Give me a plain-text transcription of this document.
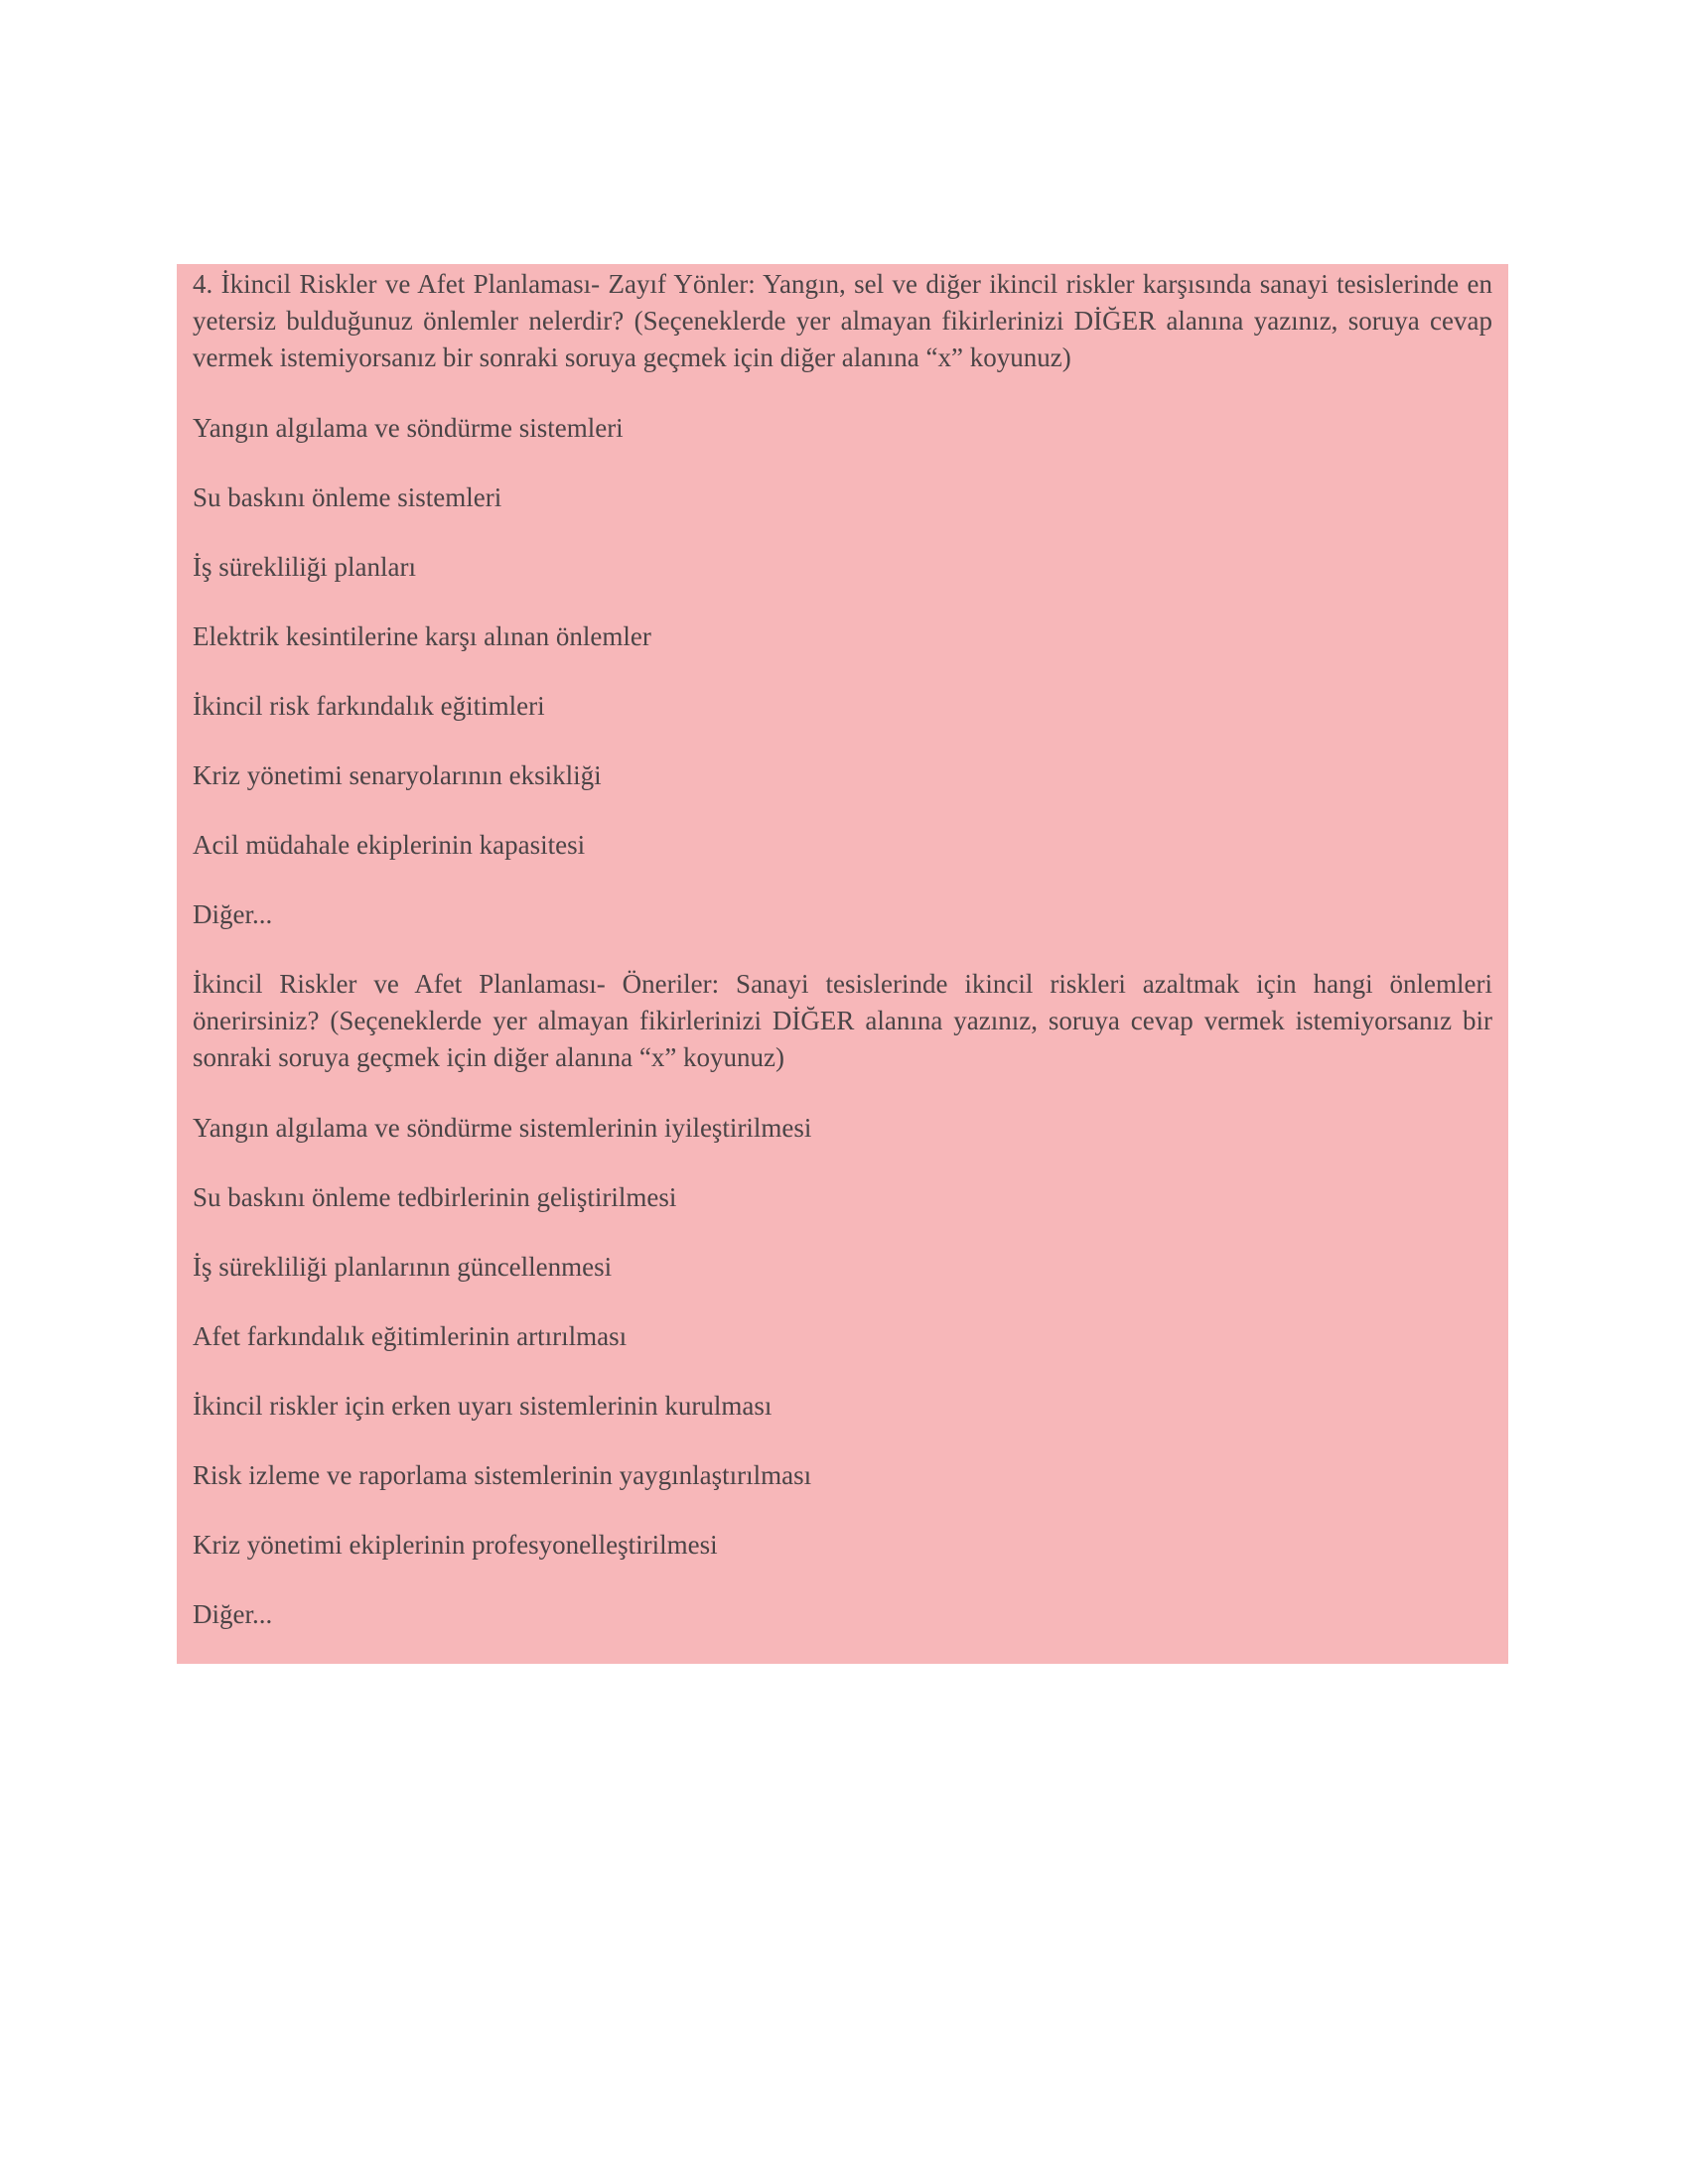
4. İkincil Riskler ve Afet Planlaması- Zayıf Yönler: Yangın, sel ve diğer ikincil riskler karşısında sanayi tesislerinde en yetersiz bulduğunuz önlemler nelerdir? (Seçeneklerde yer almayan fikirlerinizi DİĞER alanına yazınız, soruya cevap vermek istemiyorsanız bir sonraki soruya geçmek için diğer alanına “x” koyunuz)

Yangın algılama ve söndürme sistemleri

Su baskını önleme sistemleri

İş sürekliliği planları

Elektrik kesintilerine karşı alınan önlemler

İkincil risk farkındalık eğitimleri

Kriz yönetimi senaryolarının eksikliği

Acil müdahale ekiplerinin kapasitesi

Diğer...

İkincil Riskler ve Afet Planlaması- Öneriler: Sanayi tesislerinde ikincil riskleri azaltmak için hangi önlemleri önerirsiniz? (Seçeneklerde yer almayan fikirlerinizi DİĞER alanına yazınız, soruya cevap vermek istemiyorsanız bir sonraki soruya geçmek için diğer alanına “x” koyunuz)

Yangın algılama ve söndürme sistemlerinin iyileştirilmesi

Su baskını önleme tedbirlerinin geliştirilmesi

İş sürekliliği planlarının güncellenmesi

Afet farkındalık eğitimlerinin artırılması

İkincil riskler için erken uyarı sistemlerinin kurulması

Risk izleme ve raporlama sistemlerinin yaygınlaştırılması

Kriz yönetimi ekiplerinin profesyonelleştirilmesi

Diğer...
